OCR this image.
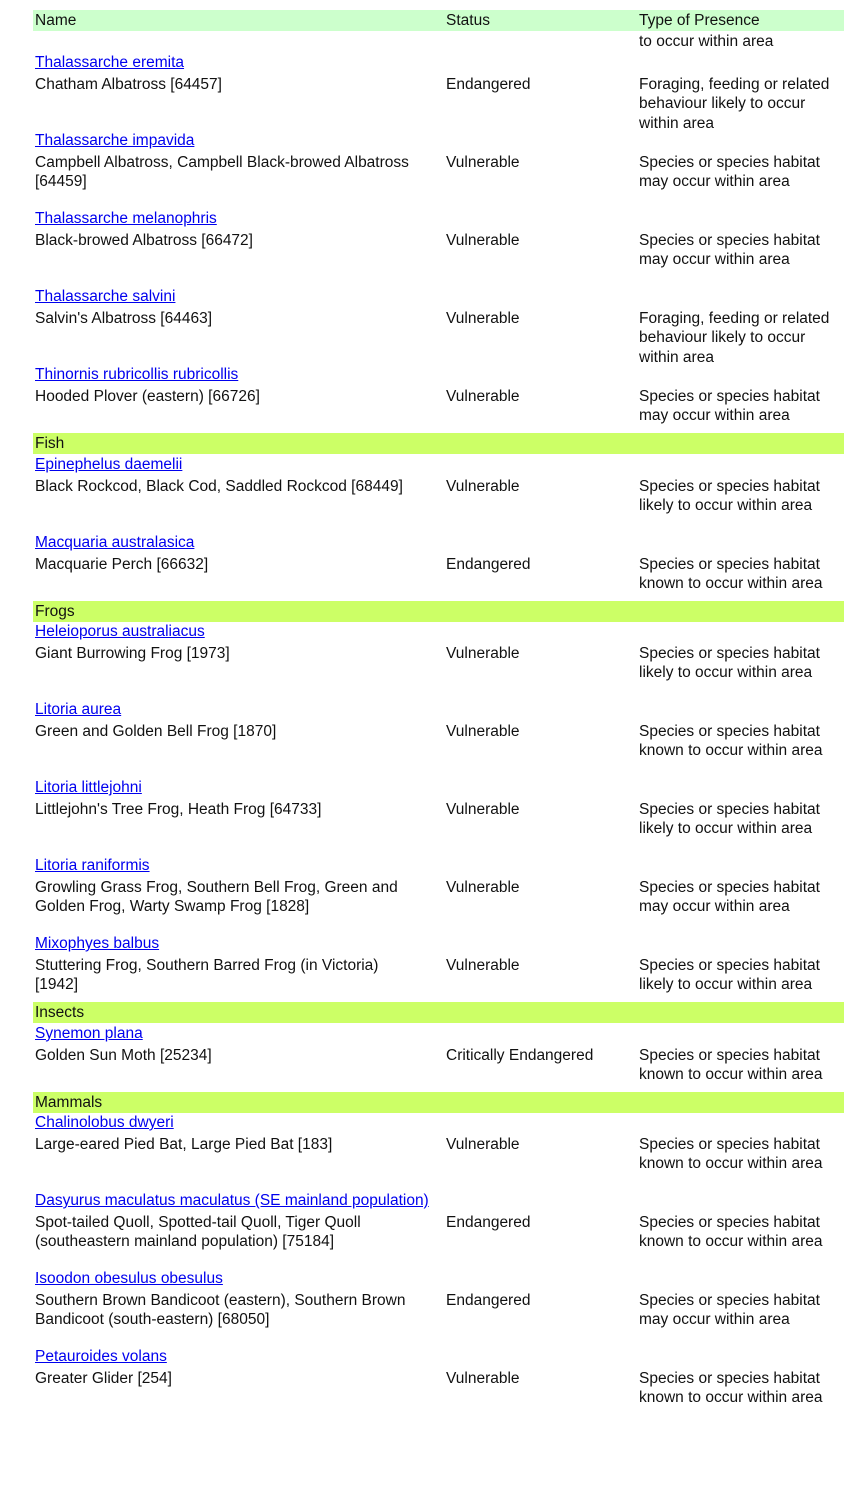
Name	Status	Type of Presence
to occur within area
Thalassarche eremita
Chatham Albatross [64457]	Endangered	Foraging, feeding or related
behaviour likely to occur
within area
Thalassarche impavida
Campbell Albatross, Campbell Black-browed Albatross
[64459]
Vulnerable	Species or species habitat
may occur within area
Thalassarche melanophris
Black-browed Albatross [66472]	Vulnerable	Species or species habitat
may occur within area
Thalassarche salvini
Salvin's Albatross [64463]	Vulnerable	Foraging, feeding or related
behaviour likely to occur
within area
Thinornis rubricollis rubricollis
Hooded Plover (eastern) [66726]	Vulnerable	Species or species habitat
may occur within area
Fish
Epinephelus daemelii
Black Rockcod, Black Cod, Saddled Rockcod [68449]	Vulnerable	Species or species habitat
likely to occur within area
Macquaria australasica
Macquarie Perch [66632]	Endangered	Species or species habitat
known to occur within area
Frogs
Heleioporus australiacus
Giant Burrowing Frog [1973]	Vulnerable	Species or species habitat
likely to occur within area
Litoria aurea
Green and Golden Bell Frog [1870]	Vulnerable	Species or species habitat
known to occur within area
Litoria littlejohni
Littlejohn's Tree Frog, Heath Frog [64733]	Vulnerable	Species or species habitat
likely to occur within area
Litoria raniformis
Growling Grass Frog, Southern Bell Frog, Green and
Golden Frog, Warty Swamp Frog [1828]
Vulnerable	Species or species habitat
may occur within area
Mixophyes balbus
Stuttering Frog, Southern Barred Frog (in Victoria)
[1942]
Vulnerable	Species or species habitat
likely to occur within area
Insects
Synemon plana
Golden Sun Moth [25234]	Critically Endangered	Species or species habitat
known to occur within area
Mammals
Chalinolobus dwyeri
Large-eared Pied Bat, Large Pied Bat [183]	Vulnerable	Species or species habitat
known to occur within area
Dasyurus maculatus maculatus (SE mainland population)
Spot-tailed Quoll, Spotted-tail Quoll, Tiger Quoll
(southeastern mainland population) [75184]
Endangered	Species or species habitat
known to occur within area
Isoodon obesulus obesulus
Southern Brown Bandicoot (eastern), Southern Brown
Bandicoot (south-eastern) [68050]
Endangered	Species or species habitat
may occur within area
Petauroides volans
Greater Glider [254]	Vulnerable	Species or species habitat
known to occur within area
